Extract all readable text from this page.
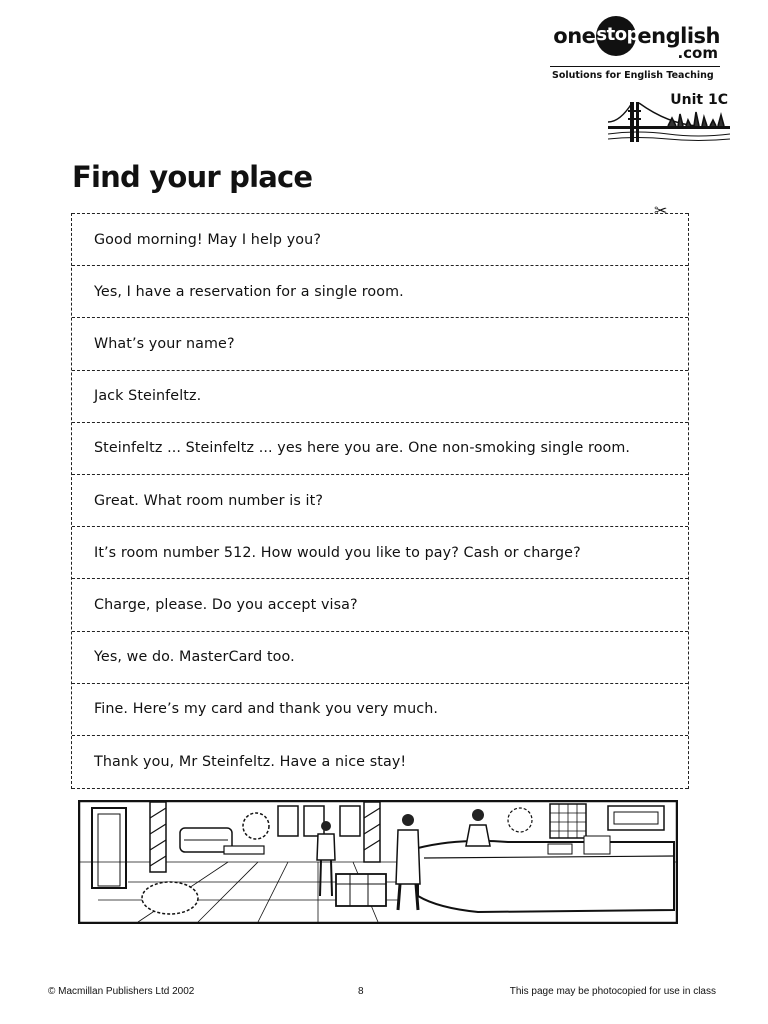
one stop
english
.com
Solutions for English Teaching
Unit 1C
Find your place
✂
Good morning! May I help you?
Yes, I have a reservation for a single room.
What’s your name?
Jack Steinfeltz.
Steinfeltz ... Steinfeltz ... yes here you are. One non-smoking single room.
Great. What room number is it?
It’s room number 512. How would you like to pay? Cash or charge?
Charge, please. Do you accept visa?
Yes, we do. MasterCard too.
Fine. Here’s my card and thank you very much.
Thank you, Mr Steinfeltz. Have a nice stay!
© Macmillan Publishers Ltd 2002	8	This page may be photocopied for use in class
